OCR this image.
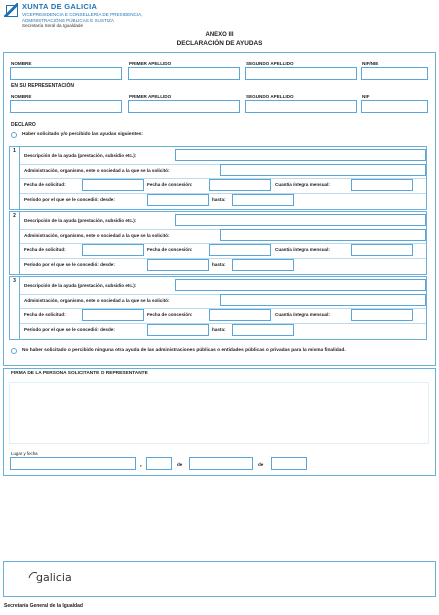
XUNTA DE GALICIA
VICEPRESIDENCIA E CONSELLERÍA DE PRESIDENCIA,
ADMINISTRACIÓNS PÚBLICAS E XUSTIZA
Secretaría Xeral da Igualdade
ANEXO III
DECLARACIÓN DE AYUDAS
NOMBRE	PRIMER APELLIDO	SEGUNDO APELLIDO	NIF/NIE
EN SU REPRESENTACIÓN
NOMBRE	PRIMER APELLIDO	SEGUNDO APELLIDO	NIF
DECLARO
Haber solicitado y/o percibido las ayudas siguientes:
1
Descripción de la ayuda (prestación, subsidio etc.):
Administración, organismo, ente o sociedad a la que se la solicitó:
Fecha de solicitud:	Fecha de concesión:	Cuantía íntegra mensual:
Período por el que se le concedió: desde:	hasta:
2
Descripción de la ayuda (prestación, subsidio etc.):
Administración, organismo, ente o sociedad a la que se la solicitó:
Fecha de solicitud:	Fecha de concesión:	Cuantía íntegra mensual:
Período por el que se le concedió: desde:	hasta:
3
Descripción de la ayuda (prestación, subsidio etc.):
Administración, organismo, ente o sociedad a la que se la solicitó:
Fecha de solicitud:	Fecha de concesión:	Cuantía íntegra mensual:
Período por el que se le concedió: desde:	hasta:
No haber solicitado o percibido ninguna otra ayuda de las administraciones públicas o entidades públicas o privadas para la misma finalidad.
FIRMA DE LA PERSONA SOLICITANTE O REPRESENTANTE
Lugar y fecha
,	de	de
galicia
Secretaría General de la Igualdad
